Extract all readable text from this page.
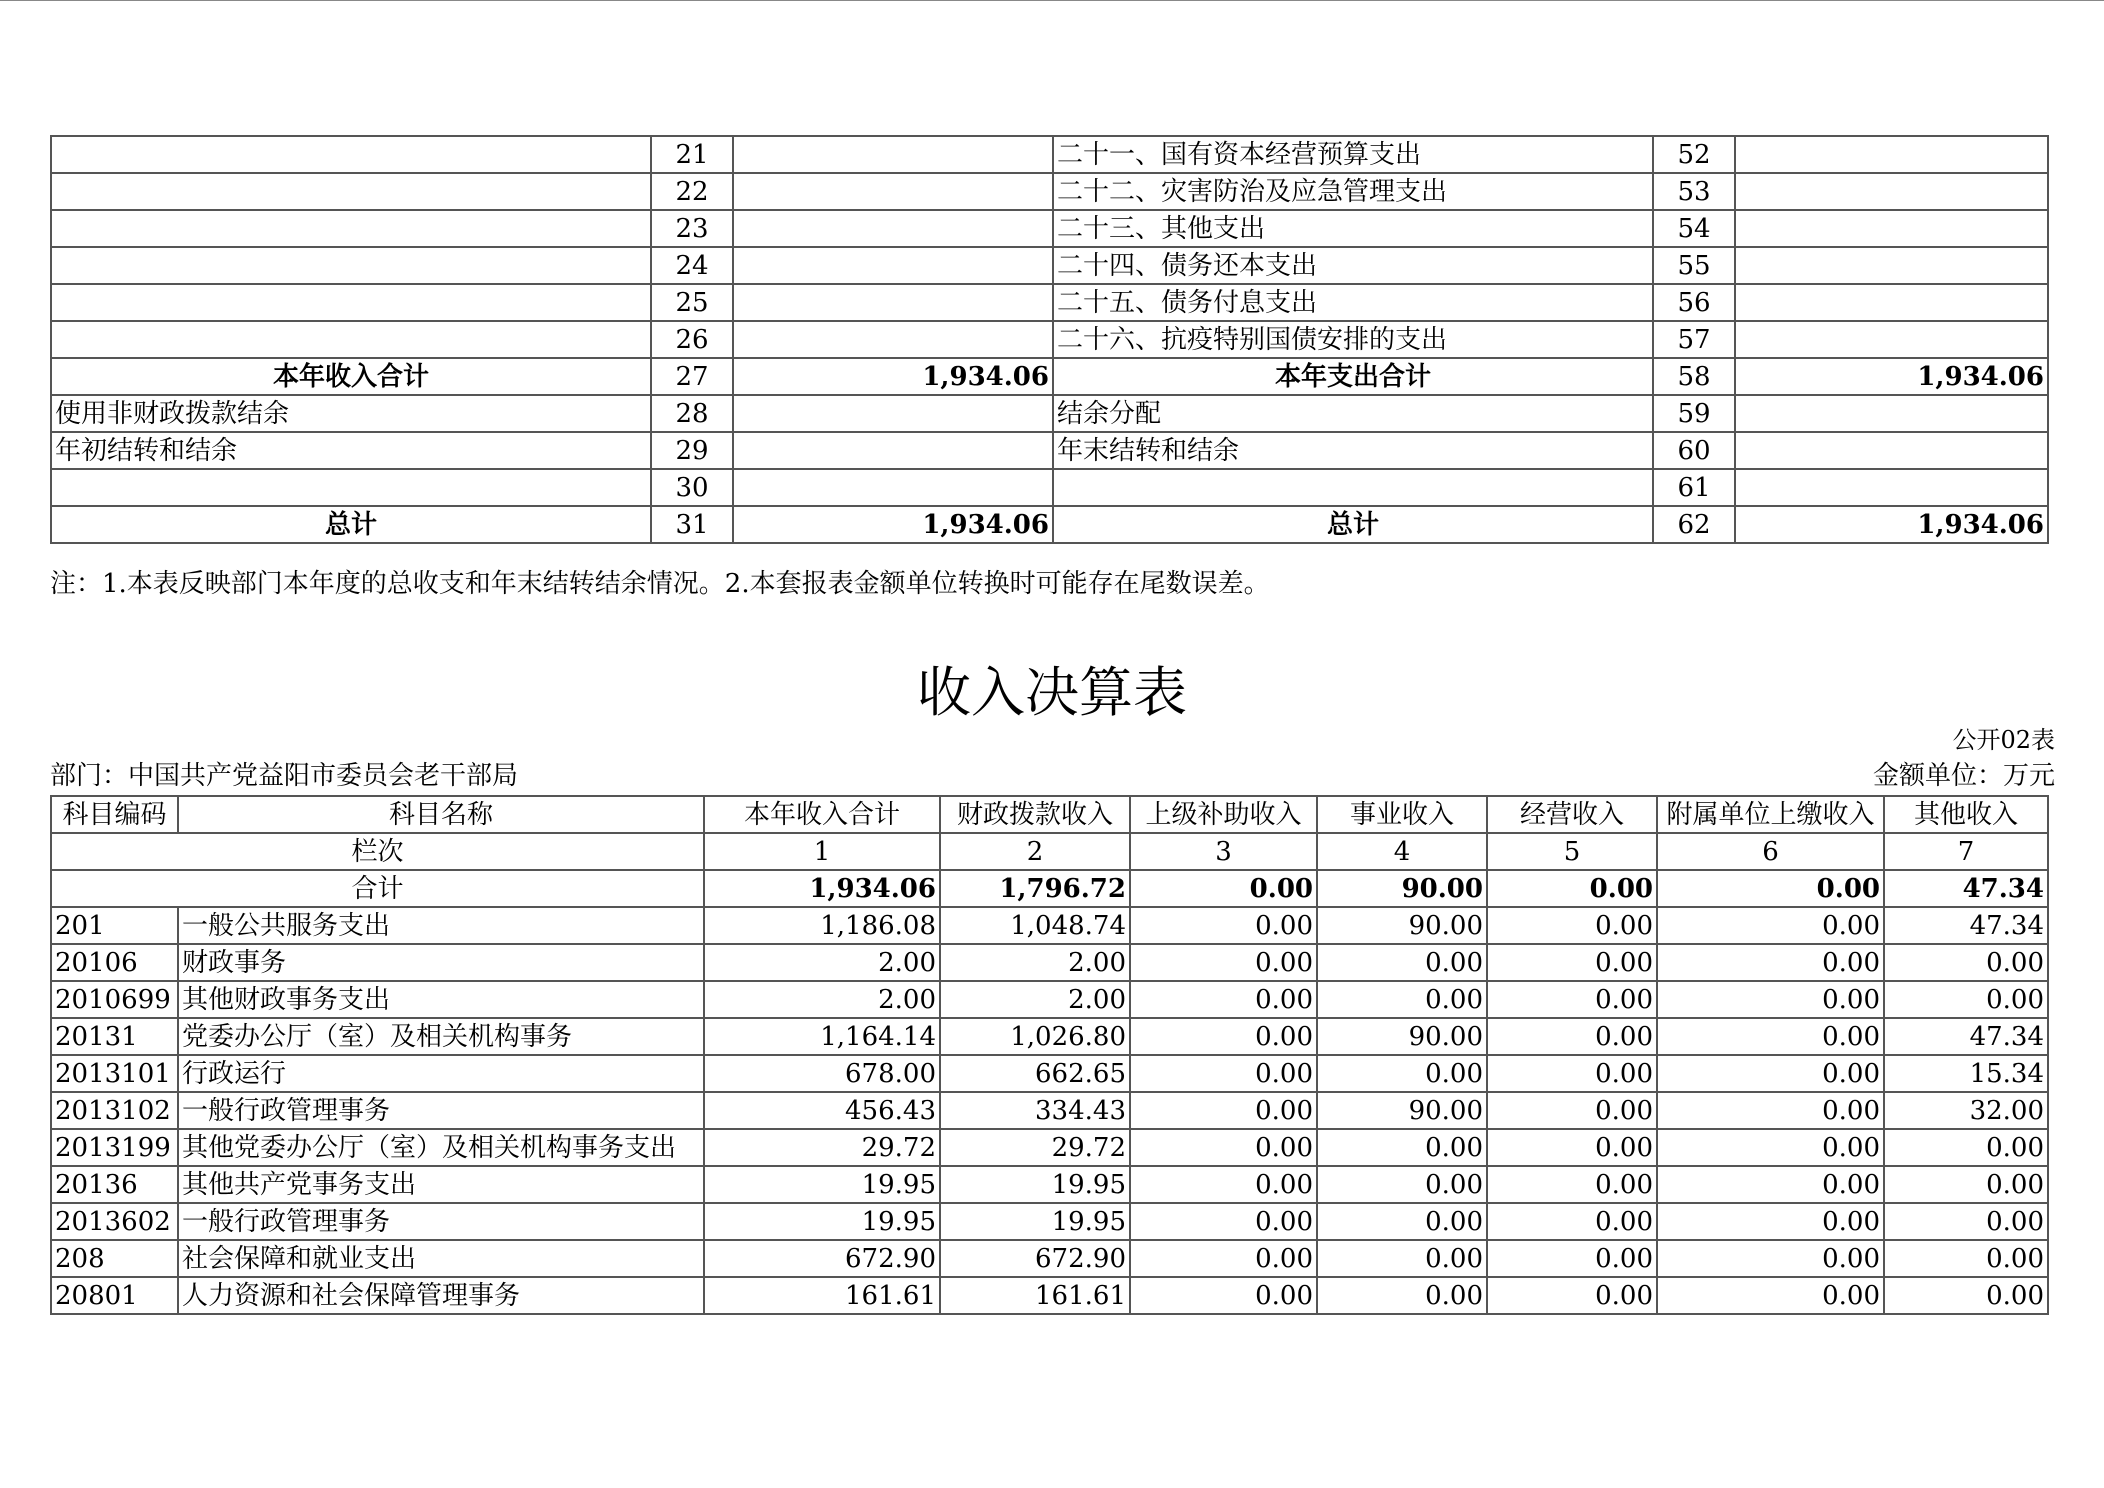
	21		二十一、国有资本经营预算支出	52	
	22		二十二、灾害防治及应急管理支出	53	
	23		二十三、其他支出	54	
	24		二十四、债务还本支出	55	
	25		二十五、债务付息支出	56	
	26		二十六、抗疫特别国债安排的支出	57	
本年收入合计	27	1,934.06	本年支出合计	58	1,934.06
使用非财政拨款结余	28		结余分配	59	
年初结转和结余	29		年末结转和结余	60	
	30			61	
总计	31	1,934.06	总计	62	1,934.06
注：1.本表反映部门本年度的总收支和年末结转结余情况。2.本套报表金额单位转换时可能存在尾数误差。
收入决算表
公开02表
部门：中国共产党益阳市委员会老干部局	金额单位：万元
科目编码	科目名称	本年收入合计	财政拨款收入	上级补助收入	事业收入	经营收入	附属单位上缴收入	其他收入
栏次		1	2	3	4	5	6	7
合计		1,934.06	1,796.72	0.00	90.00	0.00	0.00	47.34
201	一般公共服务支出	1,186.08	1,048.74	0.00	90.00	0.00	0.00	47.34
20106	财政事务	2.00	2.00	0.00	0.00	0.00	0.00	0.00
2010699	其他财政事务支出	2.00	2.00	0.00	0.00	0.00	0.00	0.00
20131	党委办公厅（室）及相关机构事务	1,164.14	1,026.80	0.00	90.00	0.00	0.00	47.34
2013101	行政运行	678.00	662.65	0.00	0.00	0.00	0.00	15.34
2013102	一般行政管理事务	456.43	334.43	0.00	90.00	0.00	0.00	32.00
2013199	其他党委办公厅（室）及相关机构事务支出	29.72	29.72	0.00	0.00	0.00	0.00	0.00
20136	其他共产党事务支出	19.95	19.95	0.00	0.00	0.00	0.00	0.00
2013602	一般行政管理事务	19.95	19.95	0.00	0.00	0.00	0.00	0.00
208	社会保障和就业支出	672.90	672.90	0.00	0.00	0.00	0.00	0.00
20801	人力资源和社会保障管理事务	161.61	161.61	0.00	0.00	0.00	0.00	0.00
